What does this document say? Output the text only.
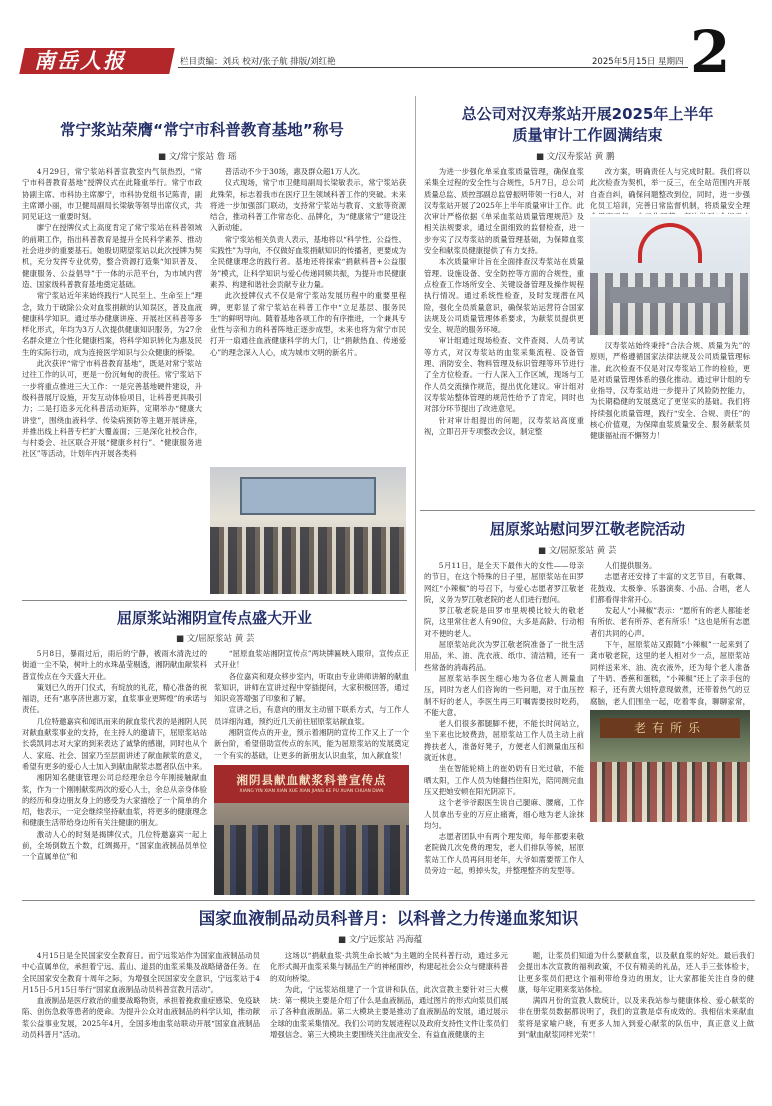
南岳人报	栏目责编：刘兵 校对/张子航 排版/刘红艳	2025年5月15日 星期四 2
常宁浆站荣膺“常宁市科普教育基地”称号
■ 文/常宁浆站 詹 瑶

4月29日，常宁浆站科普宣教室内气氛热烈，“常宁市科普教育基地”授牌仪式在此隆重举行。常宁市政协副主席、市科协主席廖宁，市科协党组书记陈青，副主席谭小丽，市卫健局副局长梁敏等领导出席仪式，共同见证这一重要时刻。

廖宁在授牌仪式上高度肯定了常宁浆站在科普领域的前期工作，指出科普教育是提升全民科学素养、推动社会进步的重要基石。她殷切期望浆站以此次授牌为契机，充分发挥专业优势，整合资源打造集“知识普及、健康服务、公益倡导”于一体的示范平台，为市域内营造、国家级科普教育基地奠定基础。

常宁浆站近年来始终践行“人民至上、生命至上”理念，致力于破除公众对血浆捐献的认知误区，普及血液健康科学知识。通过举办健康讲座、开展社区科普等多样化形式，年均为3万人次提供健康知识服务，为27余名群众建立个性化健康档案，将科学知识转化为惠及民生的实际行动，成为连接医学知识与公众健康的桥梁。

此次获评“常宁市科普教育基地”，既是对常宁浆站过往工作的认可，更是一份沉甸甸的责任。常宁浆站下一步将重点推进三大工作：一是完善基地硬件建设，升级科普展厅设施，开发互动体验项目，让科普更具吸引力；二是打造多元化科普活动矩阵，定期举办“健康大讲堂”，围绕血液科学、传染病预防等主题开展讲座，并推出线上科普专栏扩大覆盖面；三是深化社校合作，与村委会、社区联合开展“健康乡村行”、“健康服务进社区”等活动，计划年内开展各类科

普活动不少于30场，惠及群众超1万人次。

仪式现场，常宁市卫健局副局长梁敏表示，常宁浆站获此殊荣，标志着我市在医疗卫生领域科普工作的突破。未来将进一步加强部门联动，支持常宁浆站与教育、文旅等资源结合，推动科普工作常态化、品牌化，为“健康常宁”建设注入新动能。

常宁浆站相关负责人表示，基地将以“科学性、公益性、实践性”为导向，不仅做好血浆捐献知识的传播者，更要成为全民健康理念的践行者。基地还将探索“捐献科普+公益服务”模式，让科学知识与爱心传递同频共振，为提升市民健康素养、构建和谐社会贡献专业力量。

此次授牌仪式不仅是常宁浆站发展历程中的重要里程碑，更彰显了常宁浆站在科普工作中“立足基层、服务民生”的鲜明导向。随着基地各项工作的有序推进，一个兼具专业性与亲和力的科普阵地正逐步成型，未来也将为常宁市民打开一扇通往血液健康科学的大门，让“捐献热血、传递爱心”的理念深入人心，成为城市文明的新名片。

总公司对汉寿浆站开展2025年上半年
质量审计工作圆满结束
■ 文/汉寿浆站 黄 鹏

为进一步强化单采血浆质量管理，确保血浆采集全过程的安全性与合规性，5月7日，总公司质量总监、质控部副总监曾振明带领一行8人，对汉寿浆站开展了2025年上半年质量审计工作。此次审计严格依据《单采血浆站质量管理规范》及相关法规要求，通过全面细致的监督检查，进一步夯实了汉寿浆站的质量管理基础，为保障血浆安全和献浆员健康提供了有力支持。

本次质量审计旨在全面排查汉寿浆站在质量管理、设施设备、安全防控等方面的合规性，重点检查工作场所安全、关键设备管理及操作规程执行情况。通过系统性检查，及时发现潜在风险，强化全员质量意识，确保浆站运营符合国家法规及公司质量管理体系要求，为献浆员提供更安全、规范的服务环境。

审计组通过现场检查、文件查阅、人员考试等方式，对汉寿浆站的血浆采集流程、设备管理、消防安全、物料管理及标识管理等环节进行了全方位检查。一行人深入工作区域，现场与工作人员交流操作规范，提出优化建议。审计组对汉寿浆站整体管理的规范性给予了肯定，同时也对部分环节提出了改进意见。

针对审计组提出的问题，汉寿浆站高度重视，立即召开专项整改会议，制定整

改方案，明确责任人与完成时限。我们将以此次检查为契机，举一反三，在全站范围内开展自查自纠，确保问题整改到位，同时，进一步强化员工培训，完善日常监督机制，将质量安全理

汉寿浆站始终秉持“合法合规、质量为先”的原则，严格遵循国家法律法规及公司质量管理标准。此次检查不仅是对汉寿浆站工作的检验，更是对质量管理体系的强化推动。通过审计组的专业指导，汉寿浆站进一步提升了风险防控能力，为长期稳健的发展奠定了更坚实的基础。我们将持续强化质量管理，践行“安全、合规、责任”的核心价值观，为保障血浆质量安全、服务献浆员健康福祉而不懈努力！

屈原浆站湘阴宣传点盛大开业
■ 文/屈原浆站 黄 芸

5月8日，暴雨过后，雨后的宁静，被雨水清洗过的街道一尘不染，树叶上的水珠晶莹剔透，湘阴献血献浆科普宣传点在今天盛大开业。

策划已久的开门仪式，有绽放的礼花，精心准备的祝福语，还有“惠享济世惠万家，血浆事业更辉煌”的承诺与责任。

几位特邀嘉宾和闻讯而来的献血浆代表的是湘阴人民对献血献浆事业的支持，在主持人的邀请下，屈原浆站站长裘凯同志对大家的到来表达了诚挚的感谢，同时也从个人、家庭、社会、国家乃至层面讲述了献血献浆的意义，希望有更多的爱心人士加入到献血献浆志愿者队伍中来。

湘阴知名健康管理公司总经理余总今年刚接触献血浆，作为一个刚刚献浆两次的爱心人士，余总从亲身体验的经历和身边朋友身上的感受为大家描绘了一个简单的介绍，他表示，一定会继续坚持献血浆，将更多的健康理念和健康生活带给身边所有关注健康的朋友。

激动人心的时刻是揭牌仪式，几位特邀嘉宾一起上前，全场倒数五个数，红绸揭开，“国家血液制品员单位一个直属单位”和

“屈原血浆站湘阴宣传点”两块牌匾映入眼帘，宣传点正式开业！

各位嘉宾和观众移步室内，听取由专业讲师讲解的献血浆知识，讲师在宣讲过程中穿插提问，大家积极回答，通过知识竞答增强了印象和了解。

宣讲之后，有意向的朋友主动留下联系方式，与工作人员详细沟通，预约近几天前往屈原浆站献血浆。

湘阴宣传点的开业，预示着湘阴的宣传工作又上了一个新台阶，希望借助宣传点的东风，能为屈原浆站的发展奠定一个有实的基础，让更多的新朋友认识血浆，加入献血浆！

湘阴县献血献浆科普宣传点
XIANG YIN XIAN XIAN XUE XIAN JIANG KE PU XUAN CHUAN DIAN
屈原浆站慰问罗江敬老院活动
■ 文/屈原浆站 黄 芸

5月11日，是全天下最伟大的女性——母亲的节日，在这个特殊的日子里，屈原浆站在田罗网红“小辣椒”的号召下，与爱心志愿者罗江敬老院，义务为罗江敬老院的老人们进行慰问。

罗江敬老院是田罗市里规模比较大的敬老院，这里常住老人有90位，大多是高龄、行动相对不便的老人。

屈原浆站此次为罗江敬老院准备了一批生活用品，米、油、洗衣液、纸巾、清洁精，还有一些常备的消毒药品。

屈原浆站李医生细心地为各位老人测量血压，同时为老人们咨询的一些问题，对于血压控制不好的老人，李医生再三叮嘱需要按时吃药，不能大意。

老人们很多都腿脚不便，不能长时间站立，坐下来也比较费劲，屈原浆站工作人员主动上前搀扶老人，准备好凳子，方便老人们测量血压和就近休息。

坐在智能轮椅上的崔奶奶有日光过敏，不能晒太阳，工作人员为她翻挡住阳光，陪同测完血压又把她安顿在阳光阴凉下。

这个老爷爷跟医生说自己腿麻、腰痛，工作人员拿出专业的万应止痛膏，细心地为老人涂抹均匀。

志愿者团队中有两个理发师，每年都要来敬老院做几次免费的理发，老人们排队等候，屈原浆站工作人员再问用老年，大爷如需要帮工作人员旁边一起，剪掉头发，并整理整齐的发型等。

人们提供服务。

志愿者还安排了丰富的文艺节目，有歌舞、花鼓戏、太极拳、乐器演奏、小品、合唱，老人们都看得非常开心。

发起人“小辣椒”表示：“愿所有的老人都能老有所依、老有所养、老有所乐！”这也是所有志愿者们共同的心声。

下午，屈原浆站又跟随“小辣椒”一起来到了龚市敬老院，这里的老人相对少一点，屈原浆站同样送来米、油、洗衣液外，还为每个老人准备了牛奶、香蕉和蛋糕，“小辣椒”还上了亲手包的粽子，还有黄大姐特意现做煮，还带着热气的豆腐脑，老人们围坐一起，吃着零食，聊聊家常，

老有所乐
国家血液制品动员科普月：以科普之力传递血浆知识
■ 文/宁远浆站 冯海蕴

4月15日是全民国家安全教育日。而宁远浆站作为国家血液制品动员中心直属单位，承担着宁远、蓝山、道县的血浆采集及战略储备任务。在全民国家安全教育十周年之际，为增强全民国家安全意识，宁远浆站于4月15日-5月15日举行“国家血液制品动员科普宣教月活动”。

血液制品是医疗救治的重要战略物资，承担着挽救重症感染、免疫缺陷、创伤急救等患者的使命。为提升公众对血液制品的科学认知，推动献浆公益事业发展，2025年4月，全国多地血浆站联动开展“国家血液制品动员科普月”活动。

这场以“捐献血浆·共筑生命长城”为主题的全民科普行动，通过多元化形式揭开血浆采集与制品生产的神秘面纱，构建起社会公众与健康科普的双向桥梁。

为此，宁远浆站组建了一个宣讲和队伍，此次宣教主要针对三大模块：第一模块主要是介绍了什么是血液制品，通过图片的形式向浆员们展示了各种血液制品。第二大模块主要是推动了血液制品的发展，通过展示全球的血浆采集情况。我们公司的发展进程以及政府支持性文件让浆员们增强信念。第三大模块主要围绕关注血液安全、有益血液健康的主

题，让浆员们知道为什么要献血浆，以及献血浆的好处。最后我们会提出本次宣教的福利政策，不仅有精美的礼品，还人手三张体检卡，让更多浆员们把这个福利带给身边的朋友，让大家都能关注自身的健康，每年定期来浆站体检。

满四月份的宣教人数统计，以及来我站参与健康体检、爱心献浆的非在册浆员数据都说明了，我们的宣教是卓有成效的。我相信未来献血浆将是家喻户晓，有更多人加入到爱心献浆的队伍中，真正意义上做到“献血献浆同样光荣”！
